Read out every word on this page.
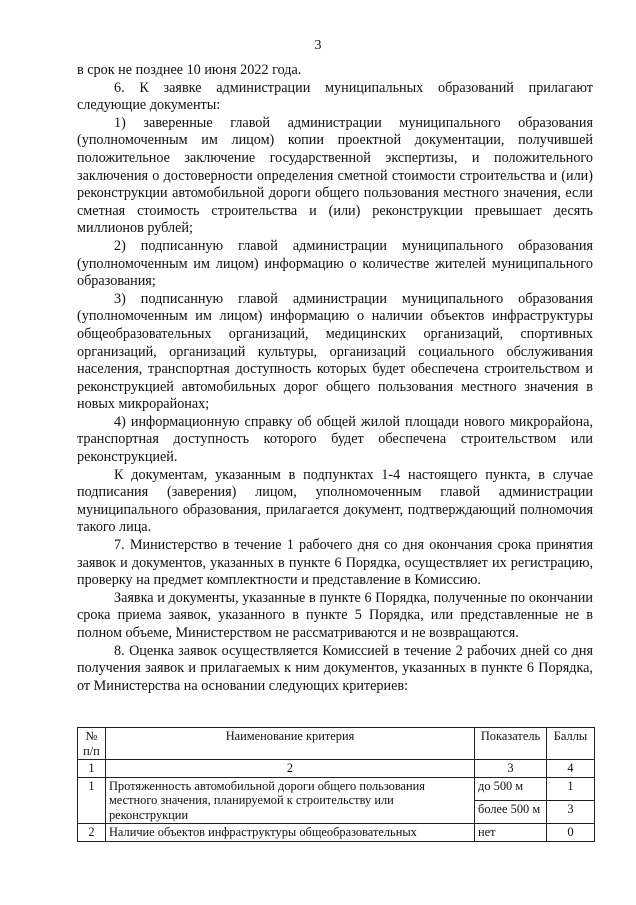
3

в срок не позднее 10 июня 2022 года.

6. К заявке администрации муниципальных образований прилагают следующие документы:

1) заверенные главой администрации муниципального образования (уполномоченным им лицом) копии проектной документации, получившей положительное заключение государственной экспертизы, и положительного заключения о достоверности определения сметной стоимости строительства и (или) реконструкции автомобильной дороги общего пользования местного значения, если сметная стоимость строительства и (или) реконструкции превышает десять миллионов рублей;

2) подписанную главой администрации муниципального образования (уполномоченным им лицом) информацию о количестве жителей муниципального образования;

3) подписанную главой администрации муниципального образования (уполномоченным им лицом) информацию о наличии объектов инфраструктуры общеобразовательных организаций, медицинских организаций, спортивных организаций, организаций культуры, организаций социального обслуживания населения, транспортная доступность которых будет обеспечена строительством и реконструкцией автомобильных дорог общего пользования местного значения в новых микрорайонах;

4) информационную справку об общей жилой площади нового микрорайона, транспортная доступность которого будет обеспечена строительством или реконструкцией.

К документам, указанным в подпунктах 1-4 настоящего пункта, в случае подписания (заверения) лицом, уполномоченным главой администрации муниципального образования, прилагается документ, подтверждающий полномочия такого лица.

7. Министерство в течение 1 рабочего дня со дня окончания срока принятия заявок и документов, указанных в пункте 6 Порядка, осуществляет их регистрацию, проверку на предмет комплектности и представление в Комиссию.

Заявка и документы, указанные в пункте 6 Порядка, полученные по окончании срока приема заявок, указанного в пункте 5 Порядка, или представленные не в полном объеме, Министерством не рассматриваются и не возвращаются.

8. Оценка заявок осуществляется Комиссией в течение 2 рабочих дней со дня получения заявок и прилагаемых к ним документов, указанных в пункте 6 Порядка, от Министерства на основании следующих критериев:

№ п/п	Наименование критерия	Показатель	Баллы
1	2	3	4
1	Протяженность автомобильной дороги общего пользования местного значения, планируемой к строительству или реконструкции	до 500 м	1
		более 500 м	3
2	Наличие объектов инфраструктуры общеобразовательных	нет	0
